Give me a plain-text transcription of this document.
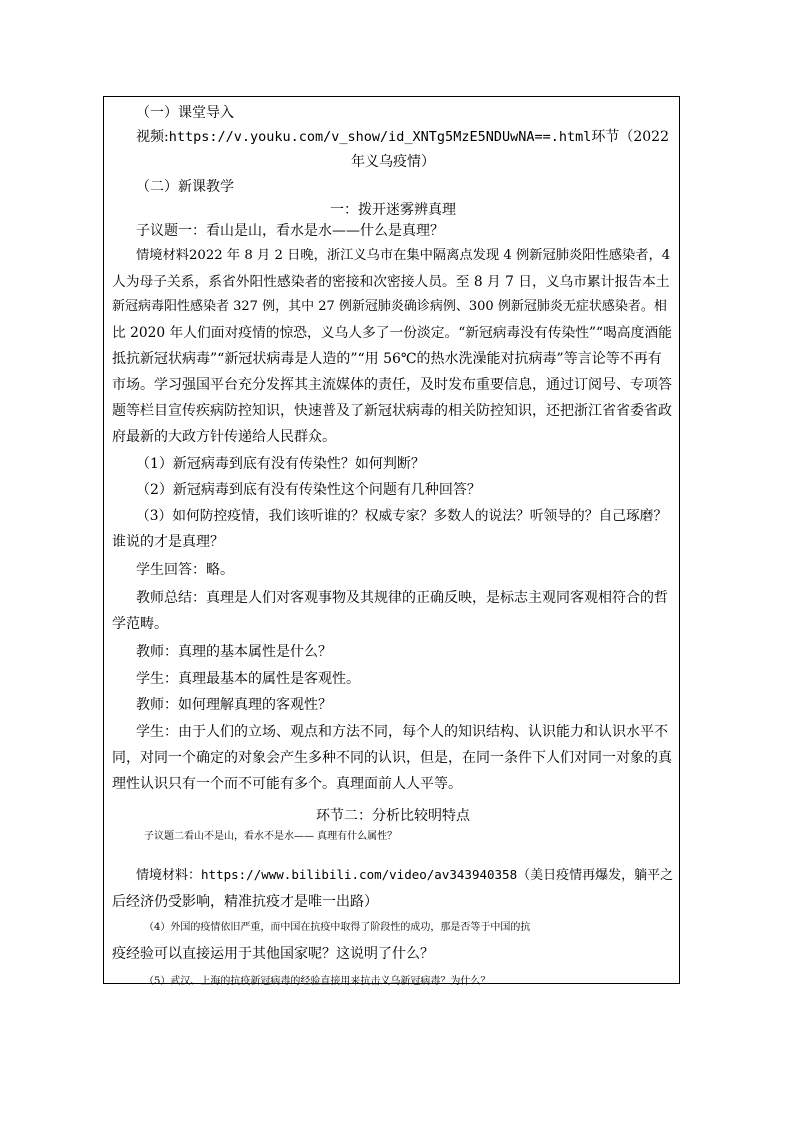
（一）课堂导入
视频:https://v.youku.com/v_show/id_XNTg5MzE5NDUwNA==.html环节（2022
年义乌疫情）
（二）新课教学
一：拨开迷雾辨真理
子议题一：看山是山，看水是水——什么是真理？
情境材料2022 年 8 月 2 日晚，浙江义乌市在集中隔离点发现 4 例新冠肺炎阳性感染者，4
人为母子关系，系省外阳性感染者的密接和次密接人员。至 8 月 7 日，义乌市累计报告本土
新冠病毒阳性感染者 327 例，其中 27 例新冠肺炎确诊病例、300 例新冠肺炎无症状感染者。相
比 2020 年人们面对疫情的惊恐，义乌人多了一份淡定。“新冠病毒没有传染性”“喝高度酒能
抵抗新冠状病毒”“新冠状病毒是人造的”“用 56℃的热水洗澡能对抗病毒”等言论等不再有
市场。学习强国平台充分发挥其主流媒体的责任，及时发布重要信息，通过订阅号、专项答
题等栏目宣传疾病防控知识，快速普及了新冠状病毒的相关防控知识，还把浙江省省委省政
府最新的大政方针传递给人民群众。
（1）新冠病毒到底有没有传染性？如何判断？
（2）新冠病毒到底有没有传染性这个问题有几种回答？
（3）如何防控疫情，我们该听谁的？权威专家？多数人的说法？听领导的？自己琢磨？
谁说的才是真理？
学生回答：略。
教师总结：真理是人们对客观事物及其规律的正确反映，是标志主观同客观相符合的哲
学范畴。
教师：真理的基本属性是什么？
学生：真理最基本的属性是客观性。
教师：如何理解真理的客观性？
学生：由于人们的立场、观点和方法不同，每个人的知识结构、认识能力和认识水平不
同，对同一个确定的对象会产生多种不同的认识，但是，在同一条件下人们对同一对象的真
理性认识只有一个而不可能有多个。真理面前人人平等。
环节二：分析比较明特点
子议题二看山不是山，看水不是水—— 真理有什么属性？
情境材料：https://www.bilibili.com/video/av343940358（美日疫情再爆发，躺平之
后经济仍受影响，精准抗疫才是唯一出路）
（4）外国的疫情依旧严重，而中国在抗疫中取得了阶段性的成功，那是否等于中国的抗
疫经验可以直接运用于其他国家呢？这说明了什么？
（5）武汉、上海的抗疫新冠病毒的经验直接用来抗击义乌新冠病毒？为什么？
